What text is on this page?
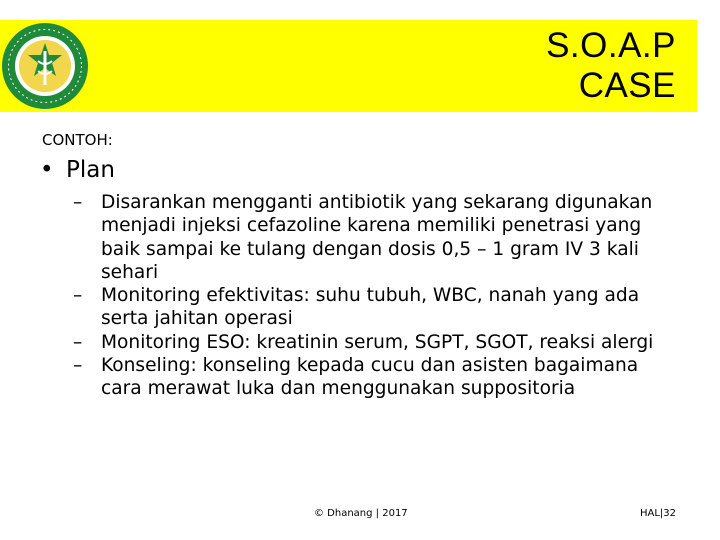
S.O.A.P
CASE
CONTOH:
• Plan
– Disarankan mengganti antibiotik yang sekarang digunakan menjadi injeksi cefazoline karena memiliki penetrasi yang baik sampai ke tulang dengan dosis 0,5 – 1 gram IV 3 kali sehari
– Monitoring efektivitas: suhu tubuh, WBC, nanah yang ada serta jahitan operasi
– Monitoring ESO: kreatinin serum, SGPT, SGOT, reaksi alergi
– Konseling: konseling kepada cucu dan asisten bagaimana cara merawat luka dan menggunakan suppositoria
© Dhanang | 2017	HAL|32
